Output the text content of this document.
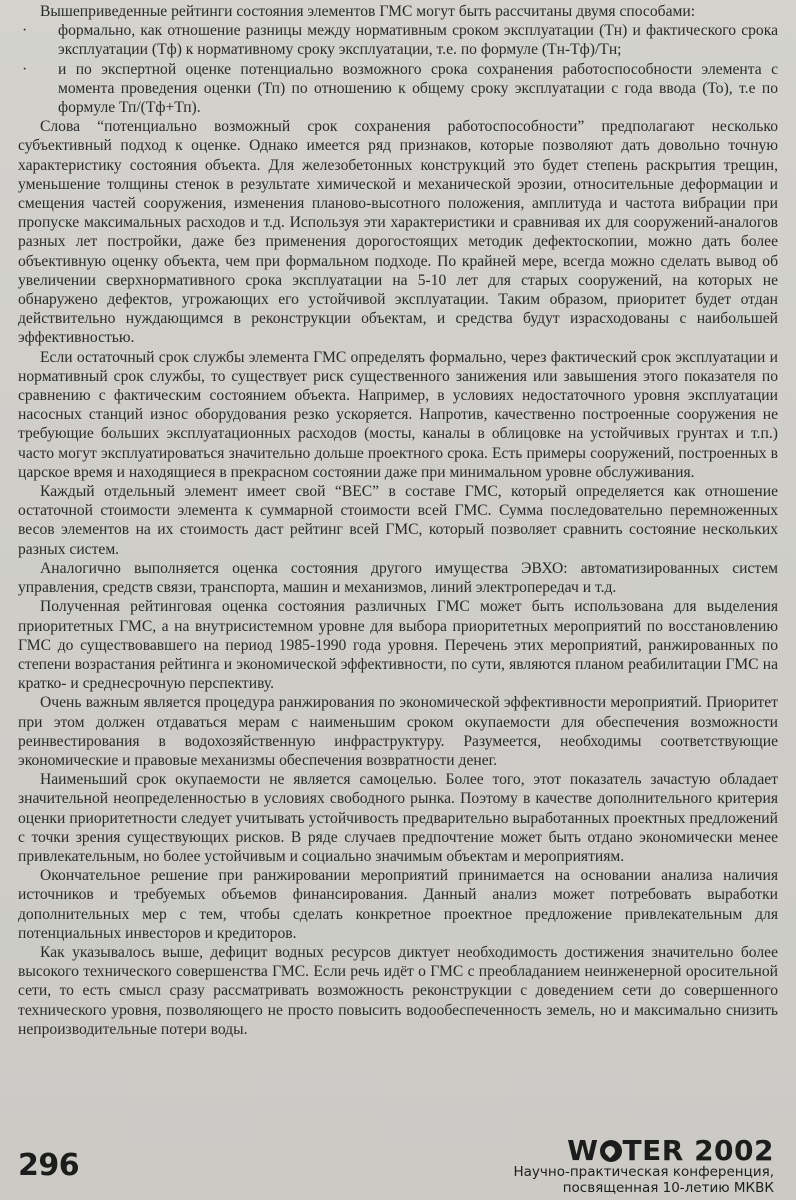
Вышеприведенные рейтинги состояния элементов ГМС могут быть рассчитаны двумя способами:

·	формально, как отношение разницы между нормативным сроком эксплуатации (Тн) и фактического срока эксплуатации (Тф) к нормативному сроку эксплуатации, т.е. по формуле (Тн-Тф)/Тн;
·	и по экспертной оценке потенциально возможного срока сохранения работоспособности элемента с момента проведения оценки (Тп) по отношению к общему сроку эксплуатации с года ввода (То), т.е по формуле Тп/(Тф+Тп).

Слова “потенциально возможный срок сохранения работоспособности” предполагают несколько субъективный подход к оценке. Однако имеется ряд признаков, которые позволяют дать довольно точную характеристику состояния объекта. Для железобетонных конструкций это будет степень раскрытия трещин, уменьшение толщины стенок в результате химической и механической эрозии, относительные деформации и смещения частей сооружения, изменения планово-высотного положения, амплитуда и частота вибрации при пропуске максимальных расходов и т.д. Используя эти характеристики и сравнивая их для сооружений-аналогов разных лет постройки, даже без применения дорогостоящих методик дефектоскопии, можно дать более объективную оценку объекта, чем при формальном подходе. По крайней мере, всегда можно сделать вывод об увеличении сверхнормативного срока эксплуатации на 5-10 лет для старых сооружений, на которых не обнаружено дефектов, угрожающих его устойчивой эксплуатации. Таким образом, приоритет будет отдан действительно нуждающимся в реконструкции объектам, и средства будут израсходованы с наибольшей эффективностью.

Если остаточный срок службы элемента ГМС определять формально, через фактический срок эксплуатации и нормативный срок службы, то существует риск существенного занижения или завышения этого показателя по сравнению с фактическим состоянием объекта. Например, в условиях недостаточного уровня эксплуатации насосных станций износ оборудования резко ускоряется. Напротив, качественно построенные сооружения не требующие больших эксплуатационных расходов (мосты, каналы в облицовке на устойчивых грунтах и т.п.) часто могут эксплуатироваться значительно дольше проектного срока. Есть примеры сооружений, построенных в царское время и находящиеся в прекрасном состоянии даже при минимальном уровне обслуживания.

Каждый отдельный элемент имеет свой “ВЕС” в составе ГМС, который определяется как отношение остаточной стоимости элемента к суммарной стоимости всей ГМС. Сумма последовательно перемноженных весов элементов на их стоимость даст рейтинг всей ГМС, который позволяет сравнить состояние нескольких разных систем.

Аналогично выполняется оценка состояния другого имущества ЭВХО: автоматизированных систем управления, средств связи, транспорта, машин и механизмов, линий электропередач и т.д.

Полученная рейтинговая оценка состояния различных ГМС может быть использована для выделения приоритетных ГМС, а на внутрисистемном уровне для выбора приоритетных мероприятий по восстановлению ГМС до существовавшего на период 1985-1990 года уровня. Перечень этих мероприятий, ранжированных по степени возрастания рейтинга и экономической эффективности, по сути, являются планом реабилитации ГМС на кратко- и среднесрочную перспективу.

Очень важным является процедура ранжирования по экономической эффективности мероприятий. Приоритет при этом должен отдаваться мерам с наименьшим сроком окупаемости для обеспечения возможности реинвестирования в водохозяйственную инфраструктуру. Разумеется, необходимы соответствующие экономические и правовые механизмы обеспечения возвратности денег.

Наименьший срок окупаемости не является самоцелью. Более того, этот показатель зачастую обладает значительной неопределенностью в условиях свободного рынка. Поэтому в качестве дополнительного критерия оценки приоритетности следует учитывать устойчивость предварительно выработанных проектных предложений с точки зрения существующих рисков. В ряде случаев предпочтение может быть отдано экономически менее привлекательным, но более устойчивым и социально значимым объектам и мероприятиям.

Окончательное решение при ранжировании мероприятий принимается на основании анализа наличия источников и требуемых объемов финансирования. Данный анализ может потребовать выработки дополнительных мер с тем, чтобы сделать конкретное проектное предложение привлекательным для потенциальных инвесторов и кредиторов.

Как указывалось выше, дефицит водных ресурсов диктует необходимость достижения значительно более высокого технического совершенства ГМС. Если речь идёт о ГМС с преобладанием неинженерной оросительной сети, то есть смысл сразу рассматривать возможность реконструкции с доведением сети до совершенного технического уровня, позволяющего не просто повысить водообеспеченность земель, но и максимально снизить непроизводительные потери воды.

296	W TER 2002
Научно-практическая конференция,
посвященная 10-летию МКВК
